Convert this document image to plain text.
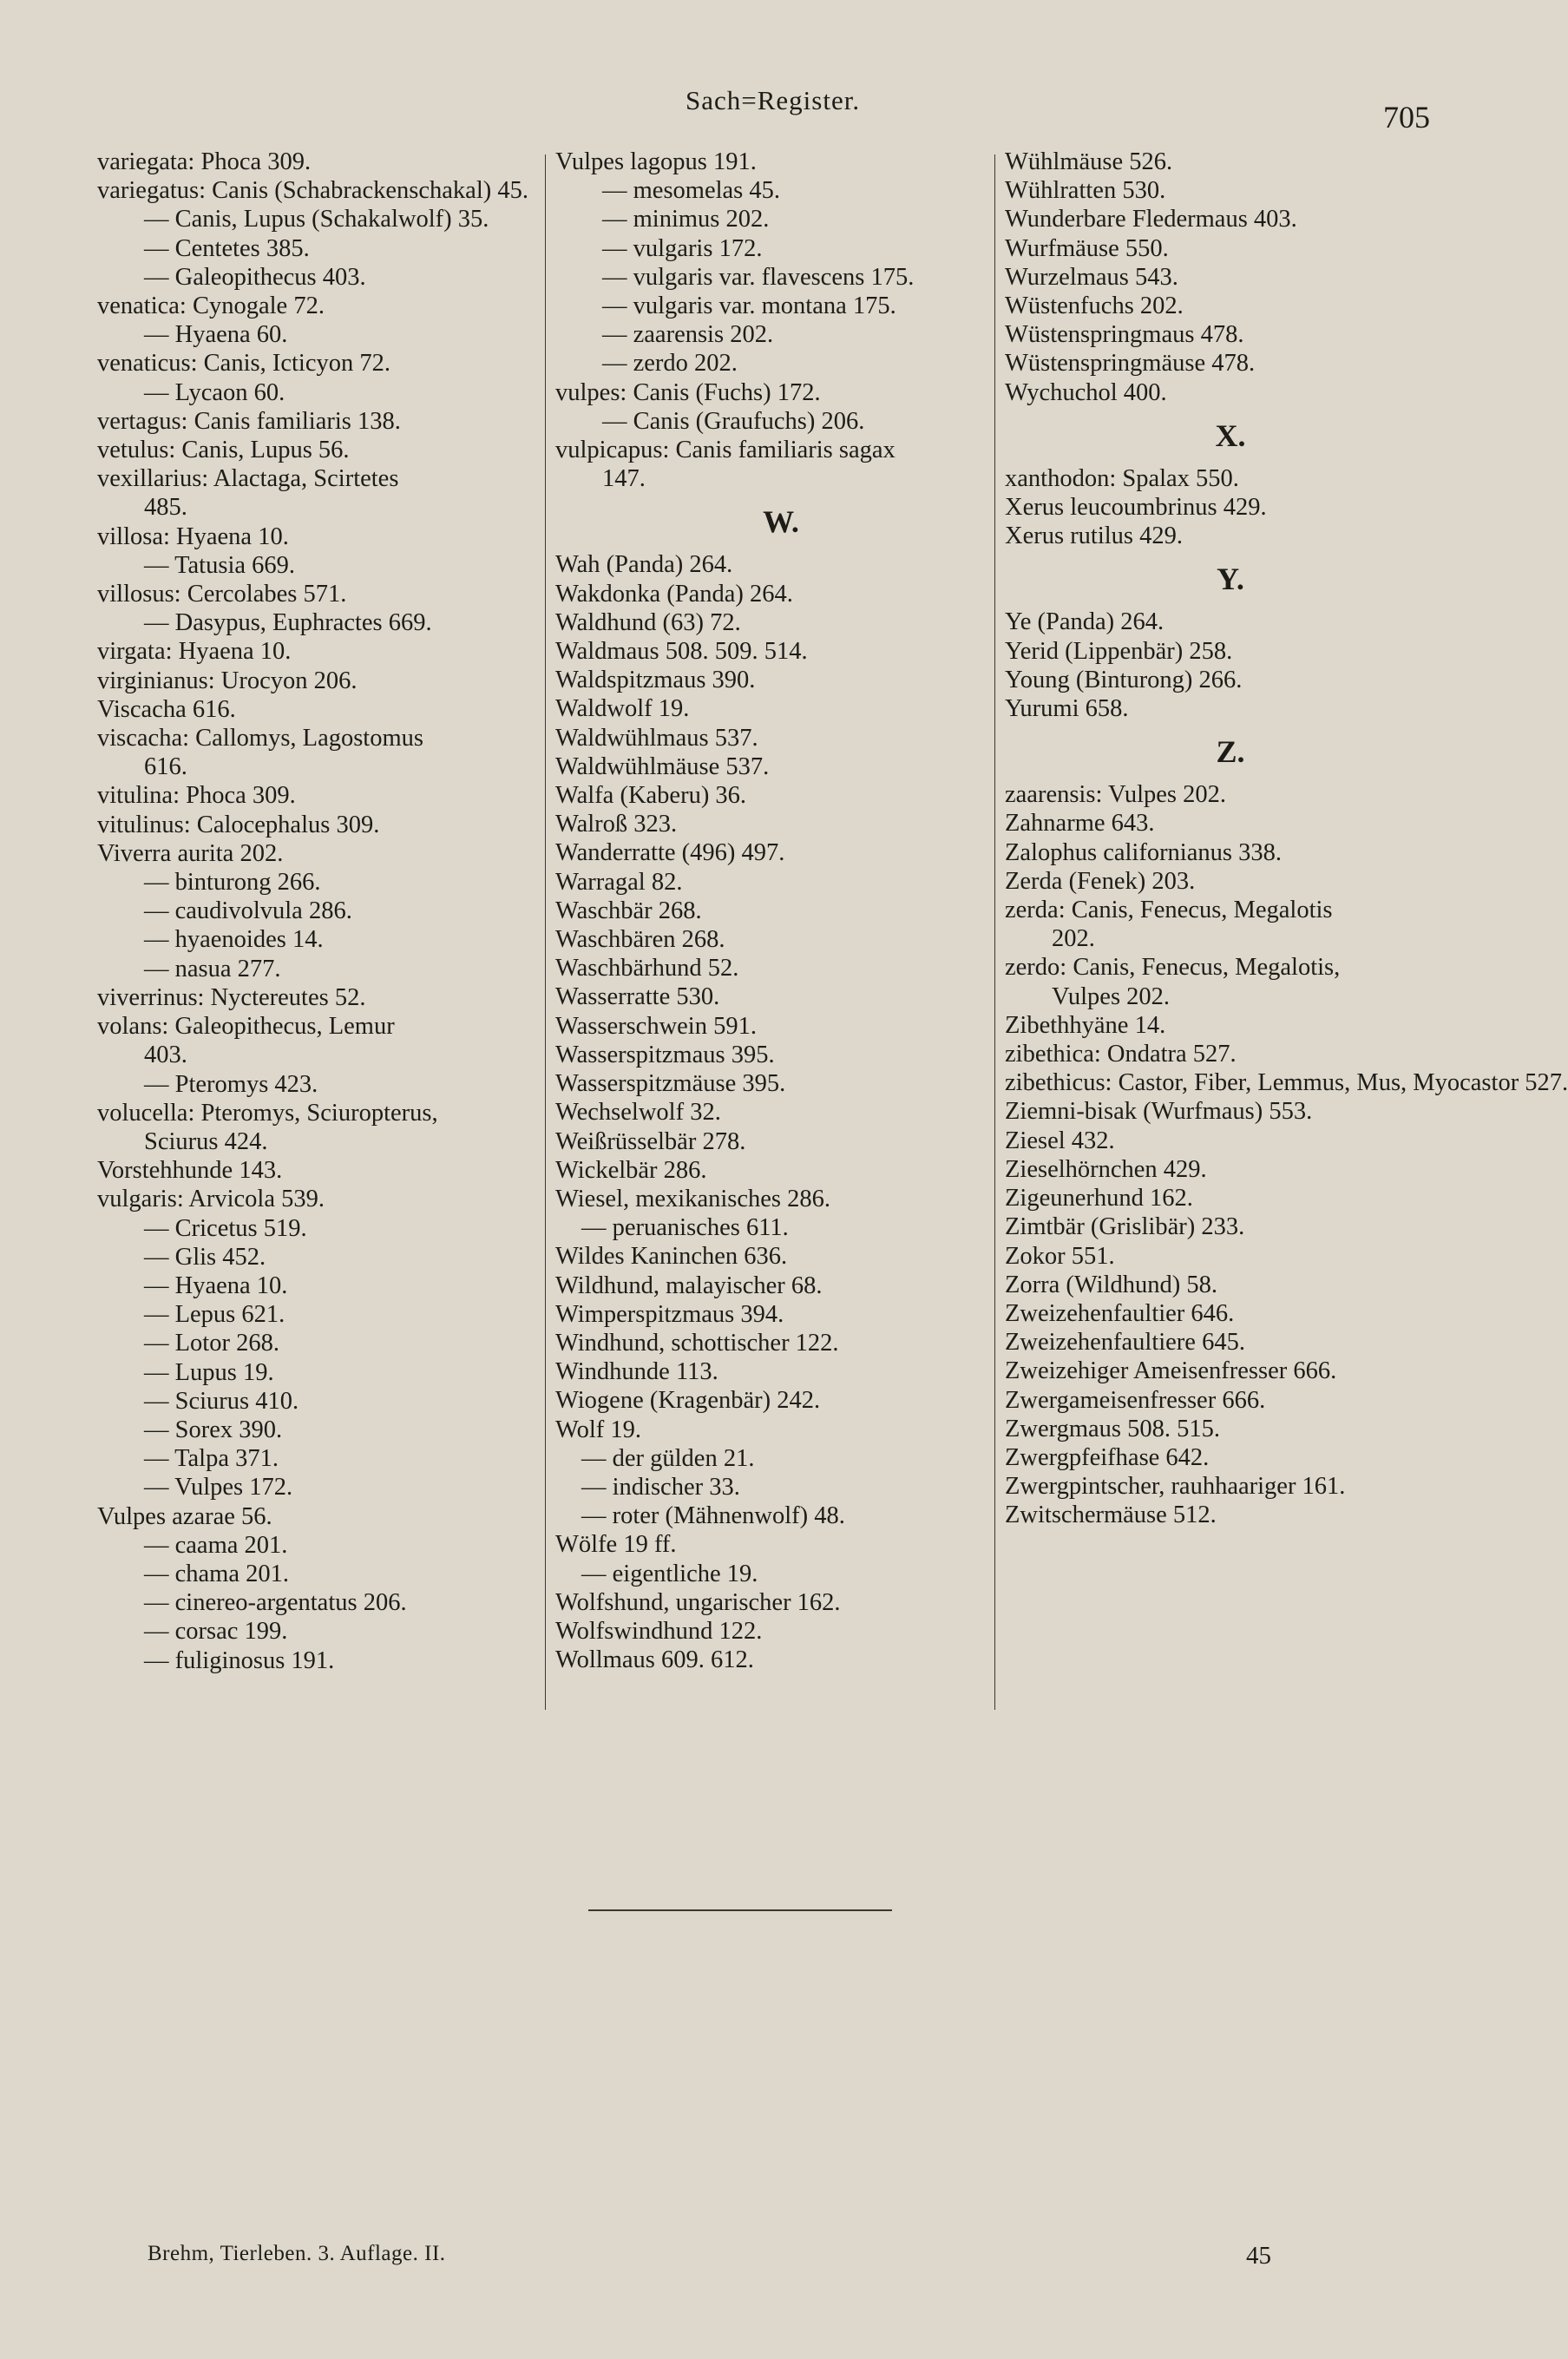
Sach=Register.	705
variegata: Phoca 309.
variegatus: Canis (Schabrackenschakal) 45.
— Canis, Lupus (Schakalwolf) 35.
— Centetes 385.
— Galeopithecus 403.
venatica: Cynogale 72.
— Hyaena 60.
venaticus: Canis, Icticyon 72.
— Lycaon 60.
vertagus: Canis familiaris 138.
vetulus: Canis, Lupus 56.
vexillarius: Alactaga, Scirtetes
485.
villosa: Hyaena 10.
— Tatusia 669.
villosus: Cercolabes 571.
— Dasypus, Euphractes 669.
virgata: Hyaena 10.
virginianus: Urocyon 206.
Viscacha 616.
viscacha: Callomys, Lagostomus
616.
vitulina: Phoca 309.
vitulinus: Calocephalus 309.
Viverra aurita 202.
— binturong 266.
— caudivolvula 286.
— hyaenoides 14.
— nasua 277.
viverrinus: Nyctereutes 52.
volans: Galeopithecus, Lemur
403.
— Pteromys 423.
volucella: Pteromys, Sciuropterus,
Sciurus 424.
Vorstehhunde 143.
vulgaris: Arvicola 539.
— Cricetus 519.
— Glis 452.
— Hyaena 10.
— Lepus 621.
— Lotor 268.
— Lupus 19.
— Sciurus 410.
— Sorex 390.
— Talpa 371.
— Vulpes 172.
Vulpes azarae 56.
— caama 201.
— chama 201.
— cinereo-argentatus 206.
— corsac 199.
— fuliginosus 191.
Vulpes lagopus 191.
— mesomelas 45.
— minimus 202.
— vulgaris 172.
— vulgaris var. flavescens 175.
— vulgaris var. montana 175.
— zaarensis 202.
— zerdo 202.
vulpes: Canis (Fuchs) 172.
— Canis (Graufuchs) 206.
vulpicapus: Canis familiaris sagax
147.
W.
Wah (Panda) 264.
Wakdonka (Panda) 264.
Waldhund (63) 72.
Waldmaus 508. 509. 514.
Waldspitzmaus 390.
Waldwolf 19.
Waldwühlmaus 537.
Waldwühlmäuse 537.
Walfa (Kaberu) 36.
Walroß 323.
Wanderratte (496) 497.
Warragal 82.
Waschbär 268.
Waschbären 268.
Waschbärhund 52.
Wasserratte 530.
Wasserschwein 591.
Wasserspitzmaus 395.
Wasserspitzmäuse 395.
Wechselwolf 32.
Weißrüsselbär 278.
Wickelbär 286.
Wiesel, mexikanisches 286.
— peruanisches 611.
Wildes Kaninchen 636.
Wildhund, malayischer 68.
Wimperspitzmaus 394.
Windhund, schottischer 122.
Windhunde 113.
Wiogene (Kragenbär) 242.
Wolf 19.
— der gülden 21.
— indischer 33.
— roter (Mähnenwolf) 48.
Wölfe 19 ff.
— eigentliche 19.
Wolfshund, ungarischer 162.
Wolfswindhund 122.
Wollmaus 609. 612.
Wühlmäuse 526.
Wühlratten 530.
Wunderbare Fledermaus 403.
Wurfmäuse 550.
Wurzelmaus 543.
Wüstenfuchs 202.
Wüstenspringmaus 478.
Wüstenspringmäuse 478.
Wychuchol 400.
X.
xanthodon: Spalax 550.
Xerus leucoumbrinus 429.
Xerus rutilus 429.
Y.
Ye (Panda) 264.
Yerid (Lippenbär) 258.
Young (Binturong) 266.
Yurumi 658.
Z.
zaarensis: Vulpes 202.
Zahnarme 643.
Zalophus californianus 338.
Zerda (Fenek) 203.
zerda: Canis, Fenecus, Megalotis
202.
zerdo: Canis, Fenecus, Megalotis,
Vulpes 202.
Zibethhyäne 14.
zibethica: Ondatra 527.
zibethicus: Castor, Fiber, Lemmus, Mus, Myocastor 527.
Ziemni-bisak (Wurfmaus) 553.
Ziesel 432.
Zieselhörnchen 429.
Zigeunerhund 162.
Zimtbär (Grislibär) 233.
Zokor 551.
Zorra (Wildhund) 58.
Zweizehenfaultier 646.
Zweizehenfaultiere 645.
Zweizehiger Ameisenfresser 666.
Zwergameisenfresser 666.
Zwergmaus 508. 515.
Zwergpfeifhase 642.
Zwergpintscher, rauhhaariger 161.
Zwitschermäuse 512.
Brehm, Tierleben. 3. Auflage. II.	45
